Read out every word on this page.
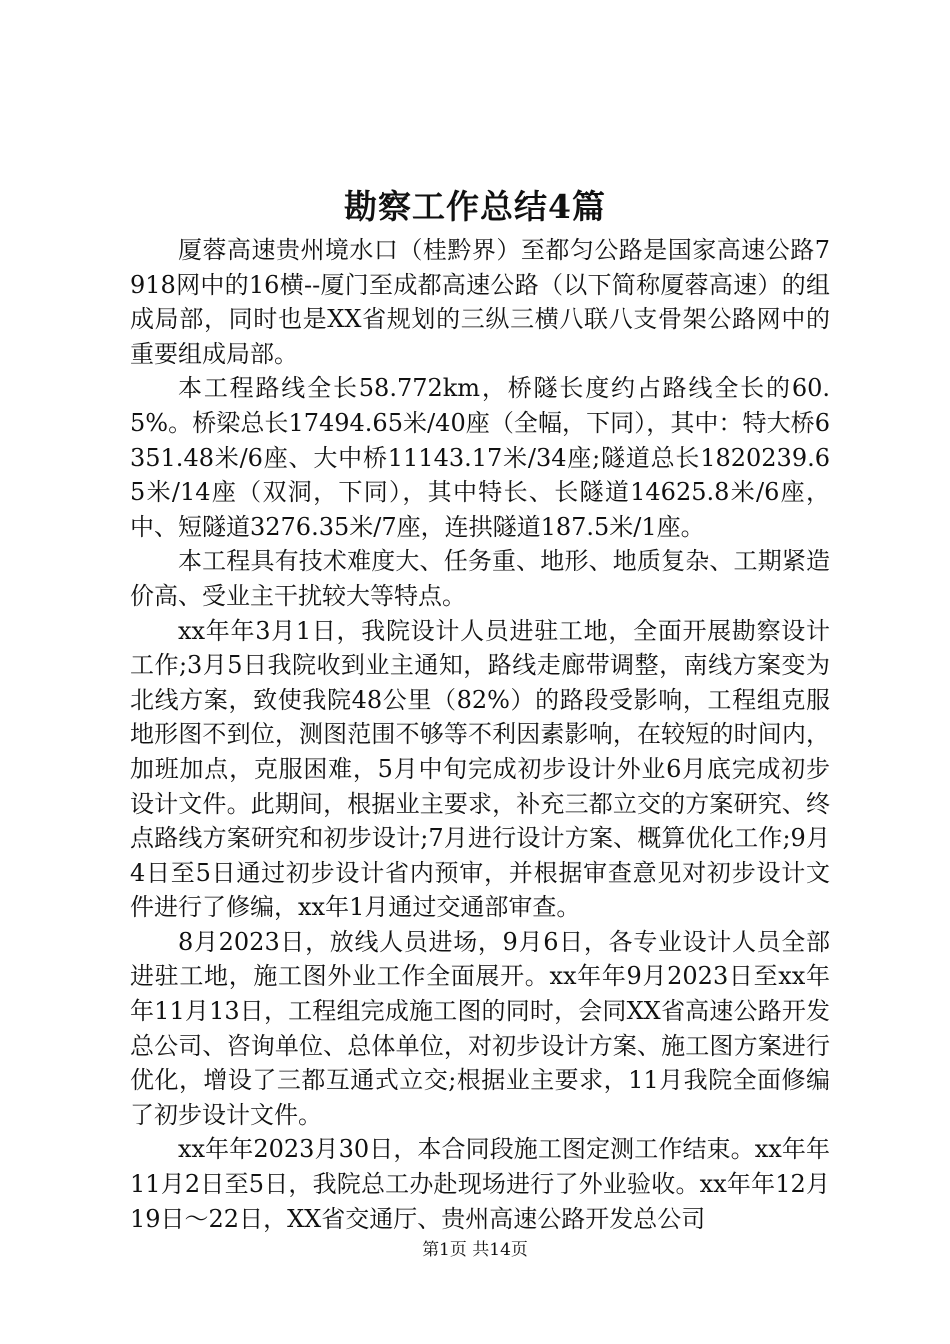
勘察工作总结4篇

厦蓉高速贵州境水口（桂黔界）至都匀公路是国家高速公路7918网中的16横--厦门至成都高速公路（以下简称厦蓉高速）的组成局部，同时也是XX省规划的三纵三横八联八支骨架公路网中的重要组成局部。

本工程路线全长58.772km，桥隧长度约占路线全长的60.5%。桥梁总长17494.65米/40座（全幅，下同），其中：特大桥6351.48米/6座、大中桥11143.17米/34座;隧道总长1820239.65米/14座（双洞，下同），其中特长、长隧道14625.8米/6座，中、短隧道3276.35米/7座，连拱隧道187.5米/1座。

本工程具有技术难度大、任务重、地形、地质复杂、工期紧造价高、受业主干扰较大等特点。

xx年年3月1日，我院设计人员进驻工地，全面开展勘察设计工作;3月5日我院收到业主通知，路线走廊带调整，南线方案变为北线方案，致使我院48公里（82%）的路段受影响，工程组克服地形图不到位，测图范围不够等不利因素影响，在较短的时间内，加班加点，克服困难，5月中旬完成初步设计外业6月底完成初步设计文件。此期间，根据业主要求，补充三都立交的方案研究、终点路线方案研究和初步设计;7月进行设计方案、概算优化工作;9月4日至5日通过初步设计省内预审，并根据审查意见对初步设计文件进行了修编，xx年1月通过交通部审查。

8月2023日，放线人员进场，9月6日，各专业设计人员全部进驻工地，施工图外业工作全面展开。xx年年9月2023日至xx年年11月13日，工程组完成施工图的同时，会同XX省高速公路开发总公司、咨询单位、总体单位，对初步设计方案、施工图方案进行优化，增设了三都互通式立交;根据业主要求，11月我院全面修编了初步设计文件。

xx年年2023月30日，本合同段施工图定测工作结束。xx年年11月2日至5日，我院总工办赴现场进行了外业验收。xx年年12月19日～22日，XX省交通厅、贵州高速公路开发总公司

第1页 共14页
